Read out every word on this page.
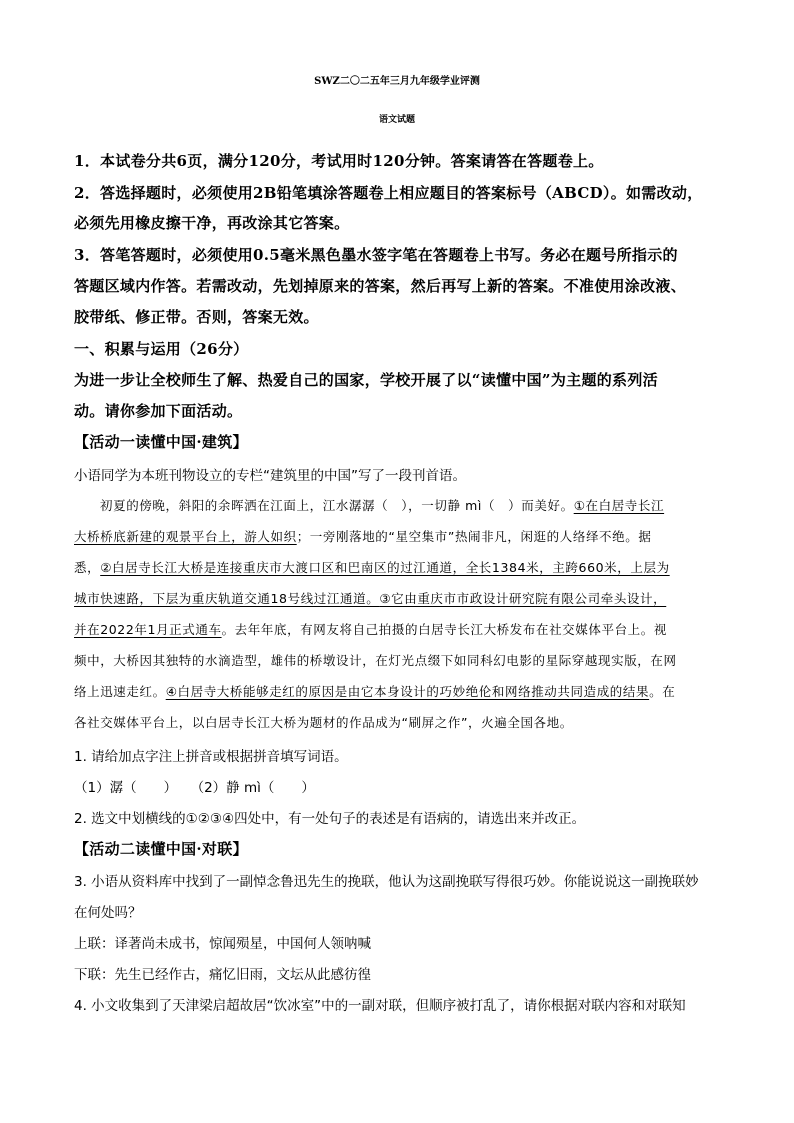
SWZ二〇二五年三月九年级学业评测
语文试题
1．本试卷分共6页，满分120分，考试用时120分钟。答案请答在答题卷上。
2．答选择题时，必须使用2B铅笔填涂答题卷上相应题目的答案标号（ABCD）。如需改动，
必须先用橡皮擦干净，再改涂其它答案。
3．答笔答题时，必须使用0.5毫米黑色墨水签字笔在答题卷上书写。务必在题号所指示的
答题区域内作答。若需改动，先划掉原来的答案，然后再写上新的答案。不准使用涂改液、
胶带纸、修正带。否则，答案无效。
一、积累与运用（26分）
为进一步让全校师生了解、热爱自己的国家，学校开展了以“读懂中国”为主题的系列活
动。请你参加下面活动。
【活动一读懂中国·建筑】
小语同学为本班刊物设立的专栏“建筑里的中国”写了一段刊首语。
初夏的傍晚，斜阳的余晖洒在江面上，江水潺潺（　），一切静 mì（　）而美好。①在白居寺长江
大桥桥底新建的观景平台上，游人如织；一旁刚落地的“星空集市”热闹非凡，闲逛的人络绎不绝。据
悉，②白居寺长江大桥是连接重庆市大渡口区和巴南区的过江通道，全长1384米，主跨660米，上层为
城市快速路，下层为重庆轨道交通18号线过江通道。③它由重庆市市政设计研究院有限公司牵头设计，
并在2022年1月正式通车。去年年底，有网友将自己拍摄的白居寺长江大桥发布在社交媒体平台上。视
频中，大桥因其独特的水滴造型，雄伟的桥墩设计，在灯光点缀下如同科幻电影的星际穿越现实版，在网
络上迅速走红。④白居寺大桥能够走红的原因是由它本身设计的巧妙绝伦和网络推动共同造成的结果。在
各社交媒体平台上，以白居寺长江大桥为题材的作品成为“刷屏之作”，火遍全国各地。
1. 请给加点字注上拼音或根据拼音填写词语。
（1）潺（　　）　　（2）静 mì（　　）
2. 选文中划横线的①②③④四处中，有一处句子的表述是有语病的，请选出来并改正。
【活动二读懂中国·对联】
3. 小语从资料库中找到了一副悼念鲁迅先生的挽联，他认为这副挽联写得很巧妙。你能说说这一副挽联妙
在何处吗？
上联：译著尚未成书，惊闻殒星，中国何人领呐喊
下联：先生已经作古，痛忆旧雨，文坛从此感彷徨
4. 小文收集到了天津梁启超故居“饮冰室”中的一副对联，但顺序被打乱了，请你根据对联内容和对联知
